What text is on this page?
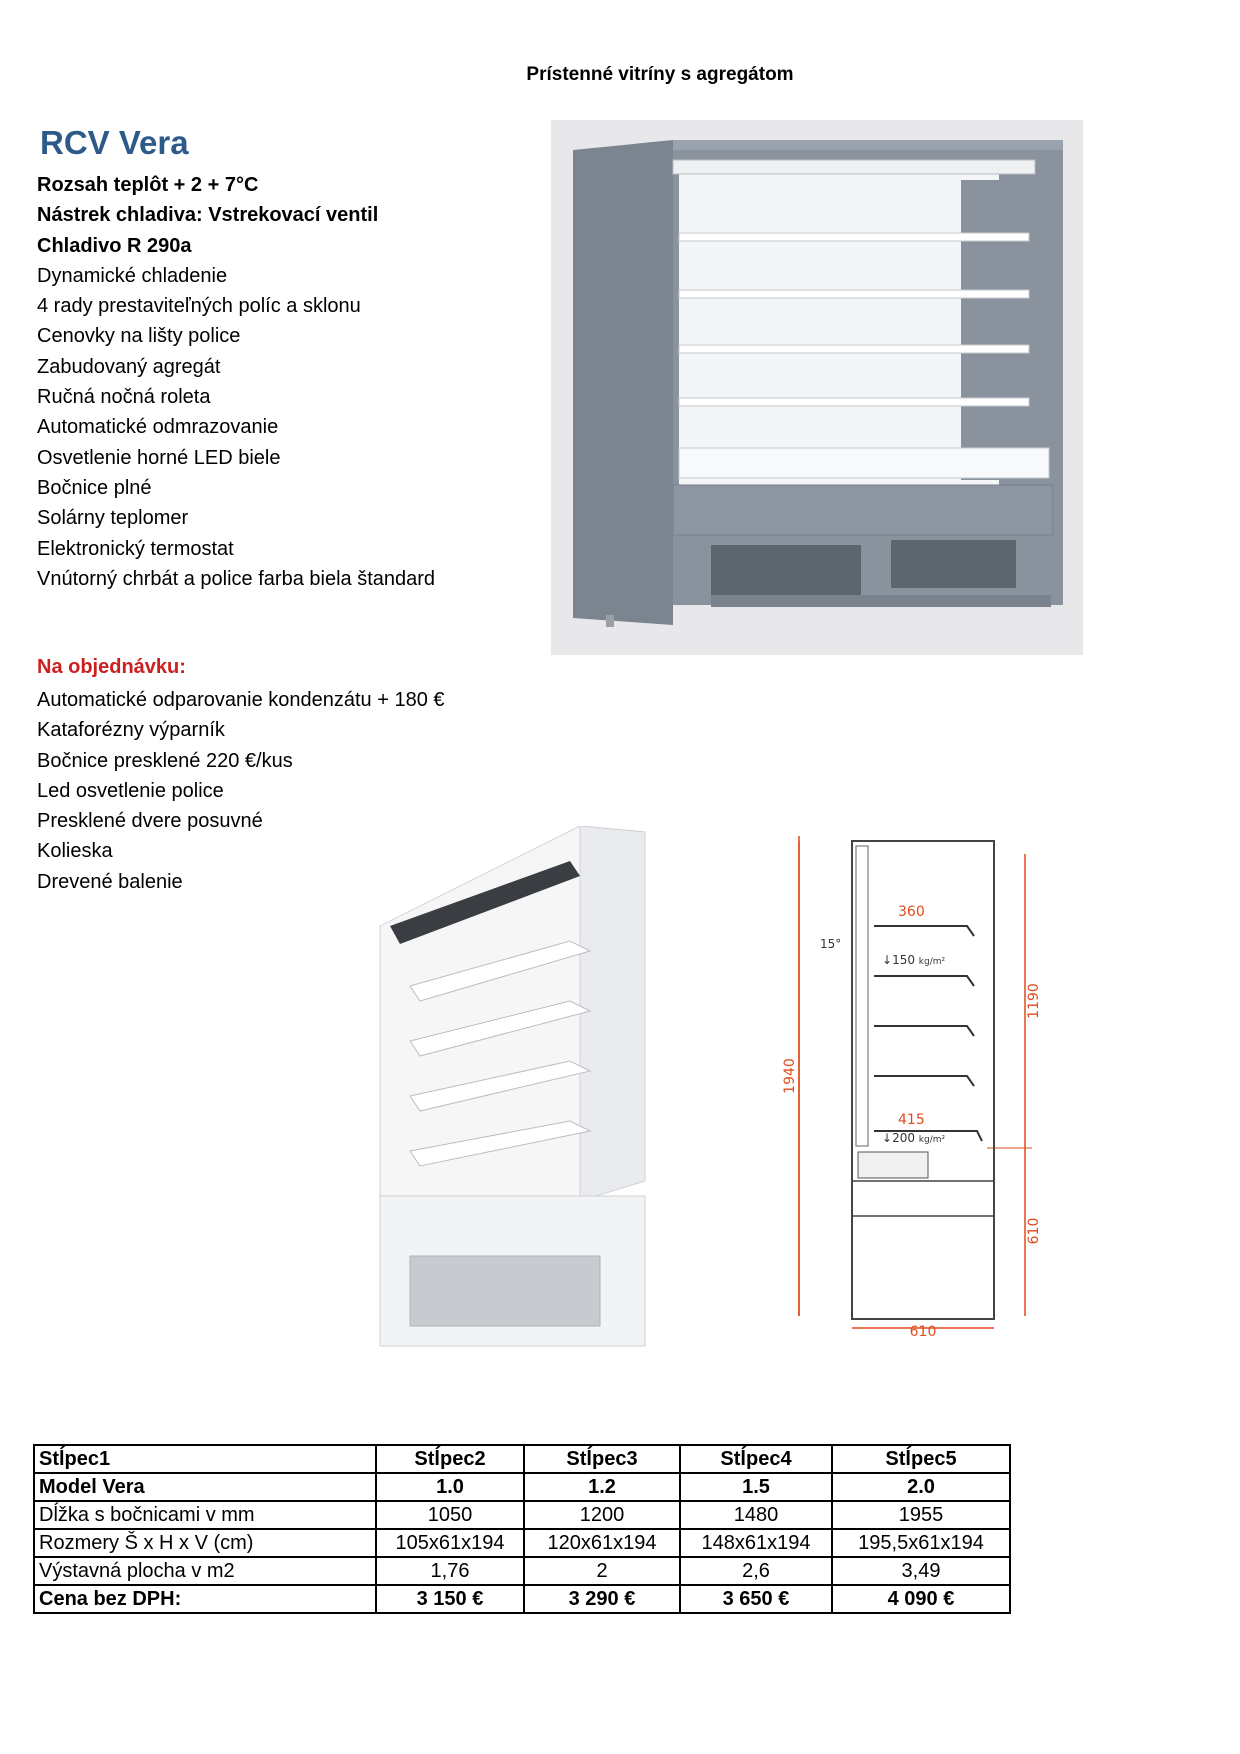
Prístenné vitríny s agregátom
RCV Vera
Rozsah teplôt + 2 + 7°C
Nástrek chladiva: Vstrekovací ventil
Chladivo R 290a
Dynamické chladenie
4 rady prestaviteľných políc a sklonu
Cenovky na lišty police
Zabudovaný agregát
Ručná nočná roleta
Automatické odmrazovanie
Osvetlenie horné LED biele
Bočnice plné
Solárny teplomer
Elektronický termostat
Vnútorný chrbát a police farba biela štandard
Na objednávku:
Automatické odparovanie kondenzátu + 180 €
Kataforézny výparník
Bočnice presklené 220 €/kus
Led osvetlenie police
Presklené dvere posuvné
Kolieska
Drevené balenie
360
15°
↓150 kg/m²
415
↓200 kg/m²
1940
1190
610
610
Stĺpec1	Stĺpec2	Stĺpec3	Stĺpec4	Stĺpec5
Model Vera	1.0	1.2	1.5	2.0
Dĺžka s bočnicami v mm	1050	1200	1480	1955
Rozmery Š x H x V (cm)	105x61x194	120x61x194	148x61x194	195,5x61x194
Výstavná plocha v m2	1,76	2	2,6	3,49
Cena bez DPH:	3 150 €	3 290 €	3 650 €	4 090 €
